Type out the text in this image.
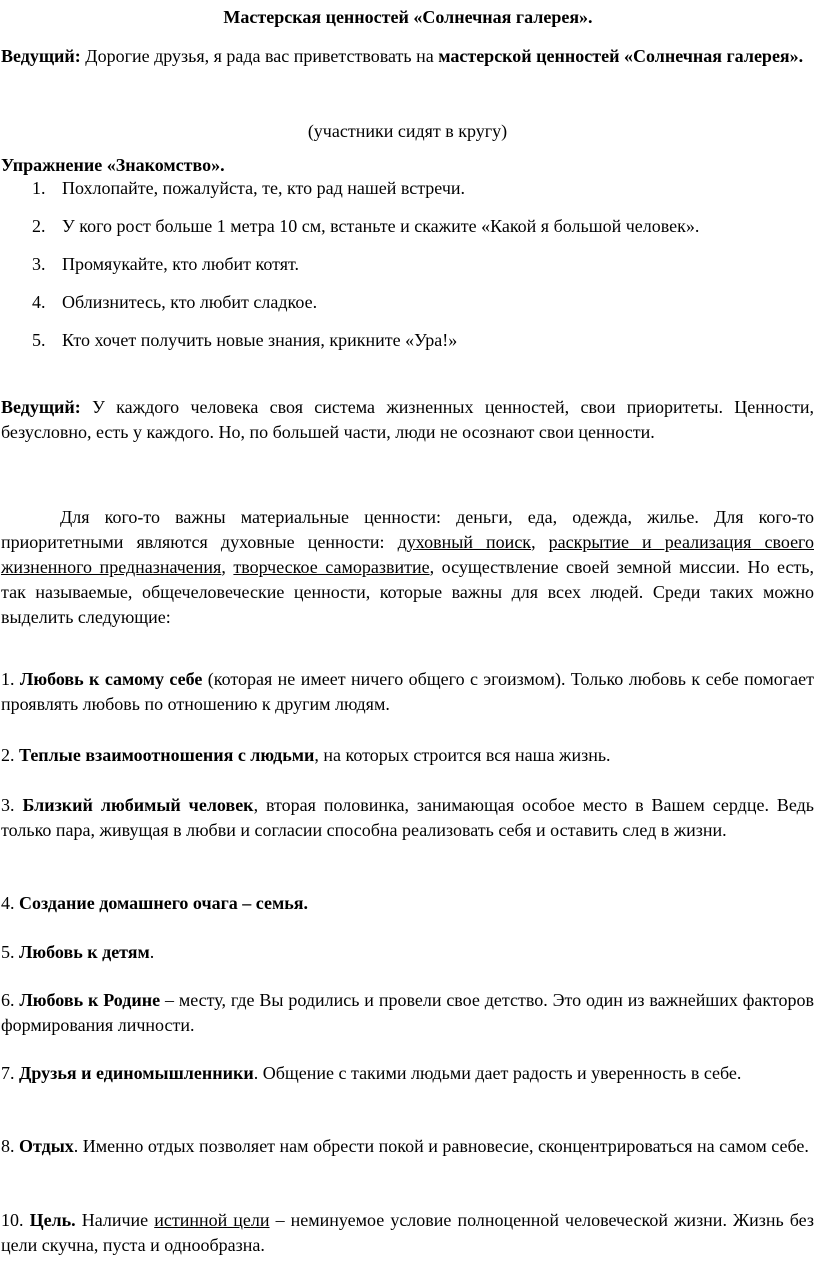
Мастерская ценностей «Солнечная галерея».

Ведущий: Дорогие друзья, я рада вас приветствовать на мастерской ценностей «Солнечная галерея».

(участники сидят в кругу)

Упражнение «Знакомство».

1. Похлопайте, пожалуйста, те, кто рад нашей встречи.
2. У кого рост больше 1 метра 10 см, встаньте и скажите «Какой я большой человек».
3. Промяукайте, кто любит котят.
4. Облизнитесь, кто любит сладкое.
5. Кто хочет получить новые знания, крикните «Ура!»

Ведущий: У каждого человека своя система жизненных ценностей, свои приоритеты. Ценности, безусловно, есть у каждого. Но, по большей части, люди не осознают свои ценности.

Для кого-то важны материальные ценности: деньги, еда, одежда, жилье. Для кого-то приоритетными являются духовные ценности: духовный поиск, раскрытие и реализация своего жизненного предназначения, творческое саморазвитие, осуществление своей земной миссии. Но есть, так называемые, общечеловеческие ценности, которые важны для всех людей. Среди таких можно выделить следующие:

1. Любовь к самому себе (которая не имеет ничего общего с эгоизмом). Только любовь к себе помогает проявлять любовь по отношению к другим людям.

2. Теплые взаимоотношения с людьми, на которых строится вся наша жизнь.

3. Близкий любимый человек, вторая половинка, занимающая особое место в Вашем сердце. Ведь только пара, живущая в любви и согласии способна реализовать себя и оставить след в жизни.

4. Создание домашнего очага – семья.

5. Любовь к детям.

6. Любовь к Родине – месту, где Вы родились и провели свое детство. Это один из важнейших факторов формирования личности.

7. Друзья и единомышленники. Общение с такими людьми дает радость и уверенность в себе.

8. Отдых. Именно отдых позволяет нам обрести покой и равновесие, сконцентрироваться на самом себе.

10. Цель. Наличие истинной цели – неминуемое условие полноценной человеческой жизни. Жизнь без цели скучна, пуста и однообразна.
